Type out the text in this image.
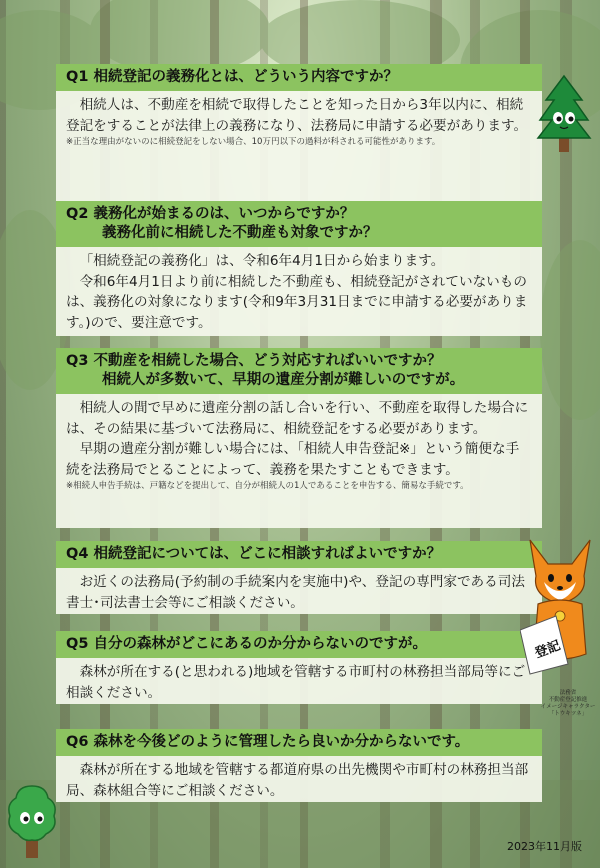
Q1 相続登記の義務化とは、どういう内容ですか？

相続人は、不動産を相続で取得したことを知った日から3年以内に、相続登記をすることが法律上の義務になり、法務局に申請する必要があります。

※正当な理由がないのに相続登記をしない場合、10万円以下の過料が科される可能性があります。

Q2 義務化が始まるのは、いつからですか？
義務化前に相続した不動産も対象ですか？

「相続登記の義務化」は、令和6年4月1日から始まります。

令和6年4月1日より前に相続した不動産も、相続登記がされていないものは、義務化の対象になります(令和9年3月31日までに申請する必要があります。)ので、要注意です。

Q3 不動産を相続した場合、どう対応すればいいですか？
相続人が多数いて、早期の遺産分割が難しいのですが。

相続人の間で早めに遺産分割の話し合いを行い、不動産を取得した場合には、その結果に基づいて法務局に、相続登記をする必要があります。

早期の遺産分割が難しい場合には、「相続人申告登記※」という簡便な手続を法務局でとることによって、義務を果たすこともできます。

※相続人申告手続は、戸籍などを提出して、自分が相続人の1人であることを申告する、簡易な手続です。

Q4 相続登記については、どこに相談すればよいですか？

お近くの法務局(予約制の手続案内を実施中)や、登記の専門家である司法書士･司法書士会等にご相談ください。

Q5 自分の森林がどこにあるのか分からないのですが。

森林が所在する(と思われる)地域を管轄する市町村の林務担当部局等にご相談ください。

Q6 森林を今後どのように管理したら良いか分からないです。

森林が所在する地域を管轄する都道府県の出先機関や市町村の林務担当部局、森林組合等にご相談ください。

登記
法務省
不動産登記推進
イメージキャラクター
「トウキツネ」
2023年11月版
